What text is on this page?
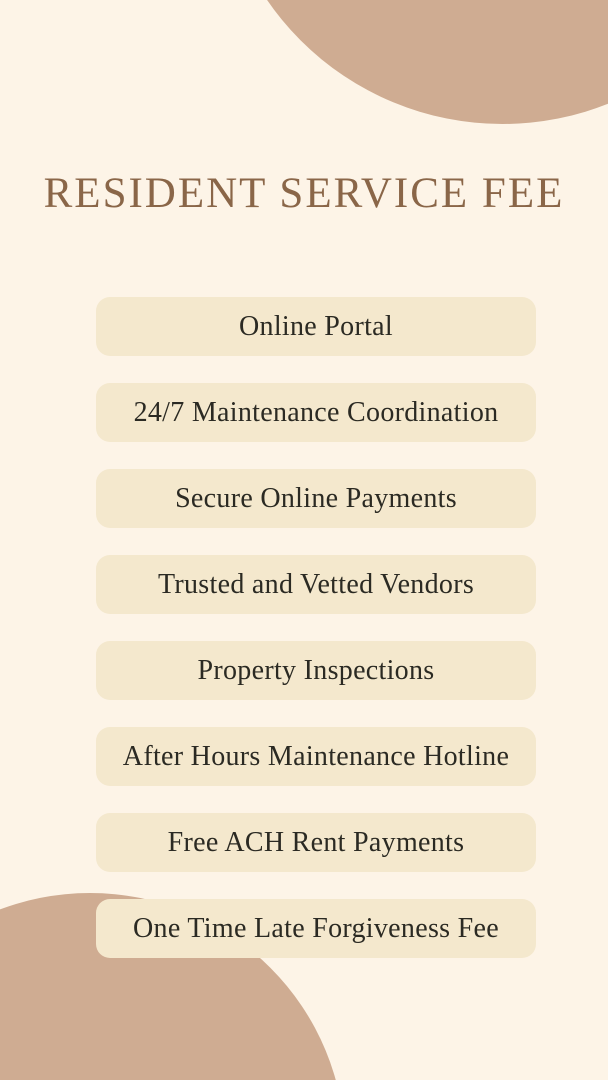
RESIDENT SERVICE FEE
Online Portal
24/7 Maintenance Coordination
Secure Online Payments
Trusted and Vetted Vendors
Property Inspections
After Hours Maintenance Hotline
Free ACH Rent Payments
One Time Late Forgiveness Fee
